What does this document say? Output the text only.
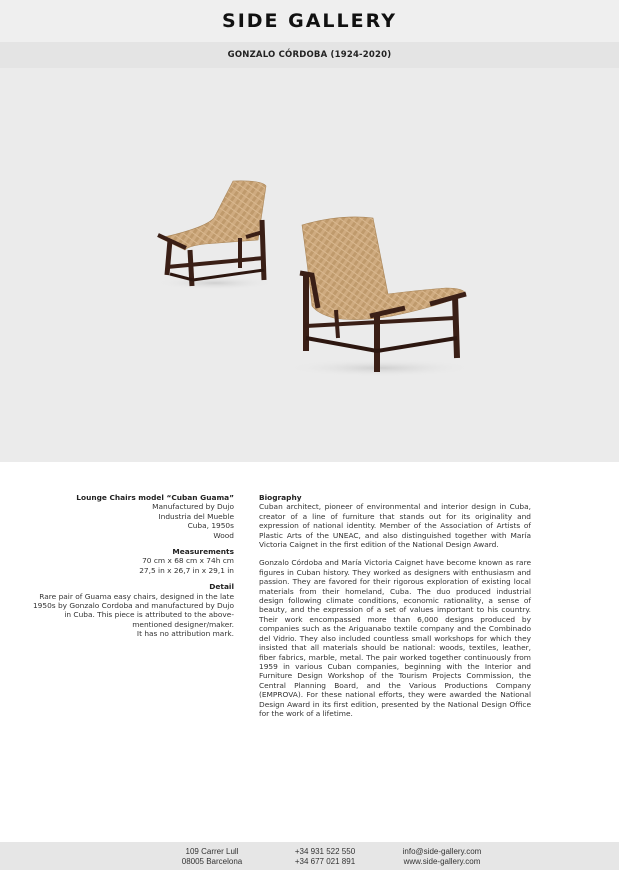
SIDE GALLERY
GONZALO CÓRDOBA (1924-2020)
Lounge Chairs model “Cuban Guama”
Manufactured by Dujo
Industria del Mueble
Cuba, 1950s
Wood
Measurements
70 cm x 68 cm x 74h cm
27,5 in x 26,7 in x 29,1 in
Detail
Rare pair of Guama easy chairs, designed in the late 1950s by Gonzalo Cordoba and manufactured by Dujo in Cuba. This piece is attributed to the above-mentioned designer/maker.
It has no attribution mark.
Biography
Cuban architect, pioneer of environmental and interior design in Cuba, creator of a line of furniture that stands out for its originality and expression of national identity. Member of the Association of Artists of Plastic Arts of the UNEAC, and also distinguished together with María Victoria Caignet in the first edition of the National Design Award.
Gonzalo Córdoba and María Victoria Caignet have become known as rare figures in Cuban history. They worked as designers with enthusiasm and passion. They are favored for their rigorous exploration of existing local materials from their homeland, Cuba. The duo produced industrial design following climate conditions, economic rationality, a sense of beauty, and the expression of a set of values important to his country. Their work encompassed more than 6,000 designs produced by companies such as the Ariguanabo textile company and the Combinado del Vidrio. They also included countless small workshops for which they insisted that all materials should be national: woods, textiles, leather, fiber fabrics, marble, metal. The pair worked together continuously from 1959 in various Cuban companies, beginning with the Interior and Furniture Design Workshop of the Tourism Projects Commission, the Central Planning Board, and the Various Productions Company (EMPROVA). For these national efforts, they were awarded the National Design Award in its first edition, presented by the National Design Office for the work of a lifetime.
109 Carrer Lull
08005 Barcelona
+34 931 522 550
+34 677 021 891
info@side-gallery.com
www.side-gallery.com
